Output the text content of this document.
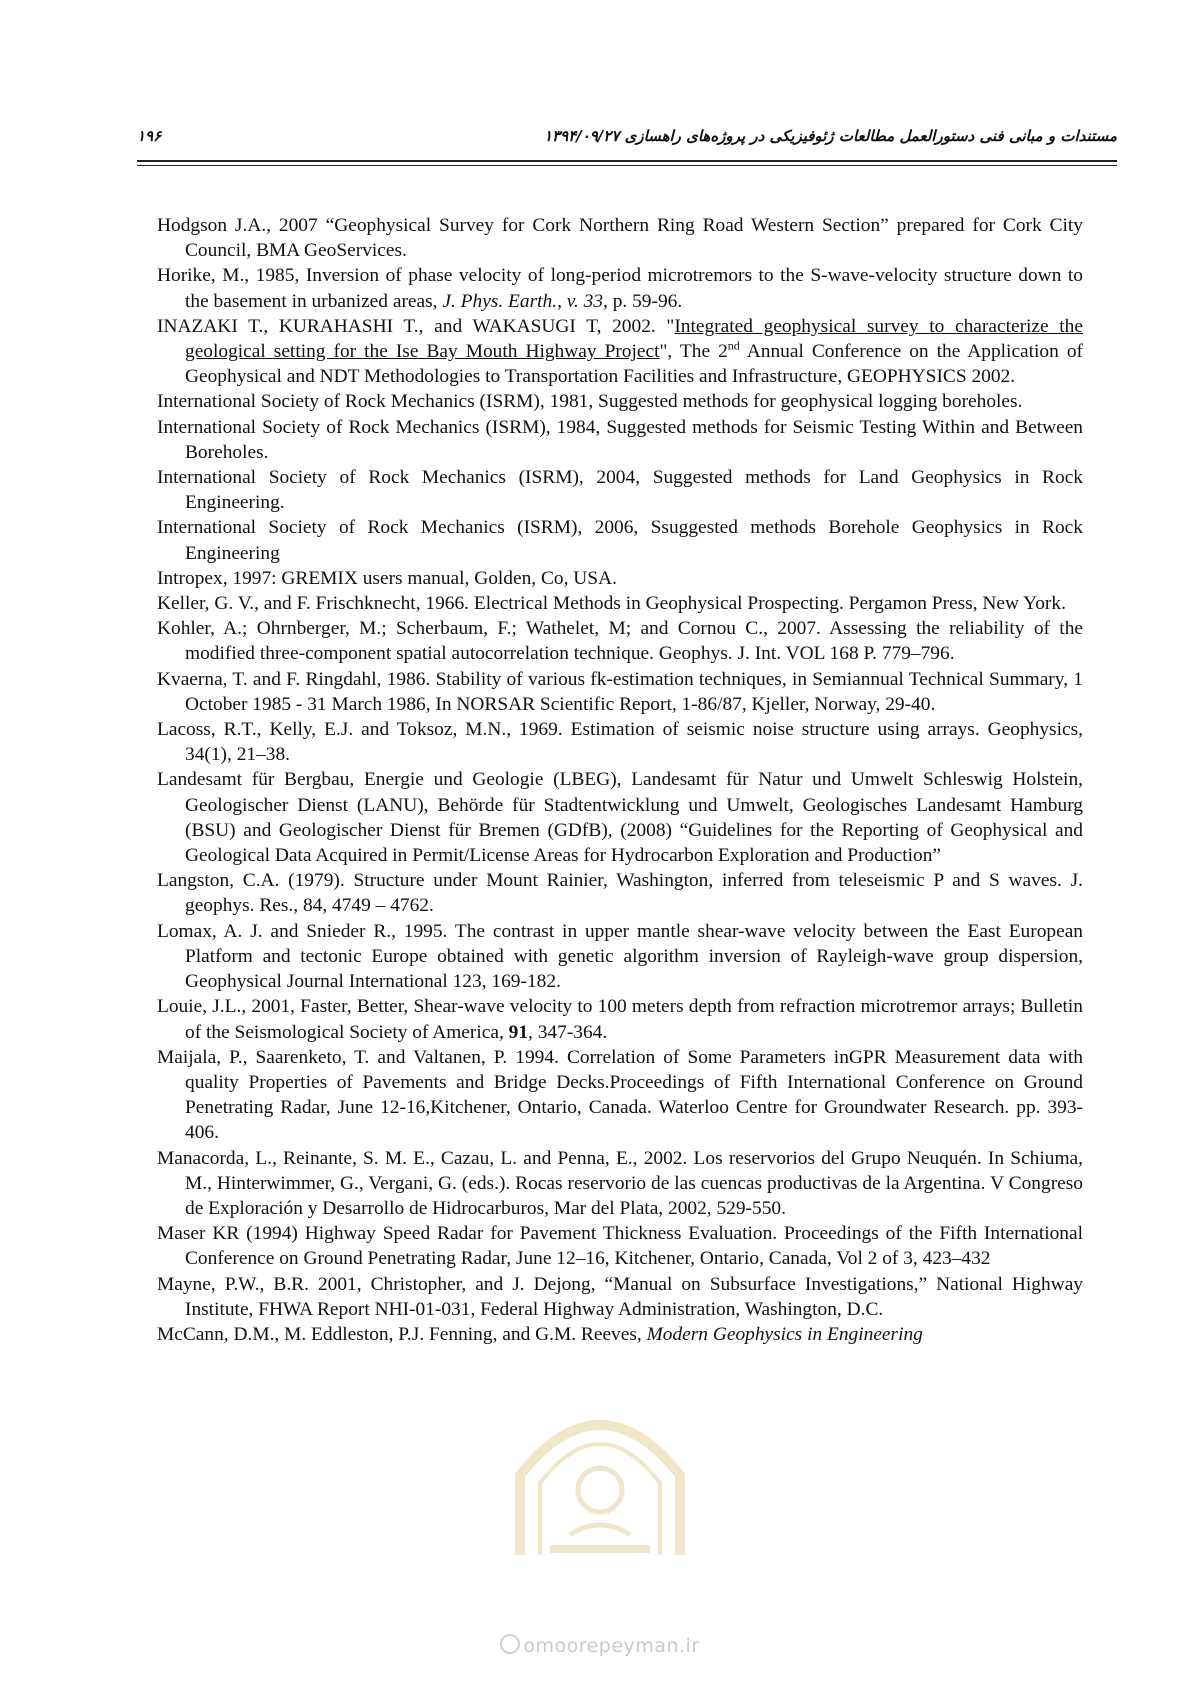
۱۹۶	مستندات و مبانی فنی دستورالعمل مطالعات ژئوفیزیکی در پروژه‌های راهسازی ۱۳۹۴/۰۹/۲۷

Hodgson J.A., 2007 “Geophysical Survey for Cork Northern Ring Road Western Section” prepared for Cork City Council, BMA GeoServices.

Horike, M., 1985, Inversion of phase velocity of long-period microtremors to the S-wave-velocity structure down to the basement in urbanized areas, J. Phys. Earth., v. 33, p. 59-96.

INAZAKI T., KURAHASHI T., and WAKASUGI T, 2002. "Integrated geophysical survey to characterize the geological setting for the Ise Bay Mouth Highway Project", The 2nd Annual Conference on the Application of Geophysical and NDT Methodologies to Transportation Facilities and Infrastructure, GEOPHYSICS 2002.

International Society of Rock Mechanics (ISRM), 1981, Suggested methods for geophysical logging boreholes.

International Society of Rock Mechanics (ISRM), 1984, Suggested methods for Seismic Testing Within and Between Boreholes.

International Society of Rock Mechanics (ISRM), 2004, Suggested methods for Land Geophysics in Rock Engineering.

International Society of Rock Mechanics (ISRM), 2006, Ssuggested methods Borehole Geophysics in Rock Engineering

Intropex, 1997: GREMIX users manual, Golden, Co, USA.

Keller, G. V., and F. Frischknecht, 1966. Electrical Methods in Geophysical Prospecting. Pergamon Press, New York.

Kohler, A.; Ohrnberger, M.; Scherbaum, F.; Wathelet, M; and Cornou C., 2007. Assessing the reliability of the modified three-component spatial autocorrelation technique. Geophys. J. Int. VOL 168 P. 779–796.

Kvaerna, T. and F. Ringdahl, 1986. Stability of various fk-estimation techniques, in Semiannual Technical Summary, 1 October 1985 - 31 March 1986, In NORSAR Scientific Report, 1-86/87, Kjeller, Norway, 29-40.

Lacoss, R.T., Kelly, E.J. and Toksoz, M.N., 1969. Estimation of seismic noise structure using arrays. Geophysics, 34(1), 21–38.

Landesamt für Bergbau, Energie und Geologie (LBEG), Landesamt für Natur und Umwelt Schleswig Holstein, Geologischer Dienst (LANU), Behörde für Stadtentwicklung und Umwelt, Geologisches Landesamt Hamburg (BSU) and Geologischer Dienst für Bremen (GDfB), (2008) “Guidelines for the Reporting of Geophysical and Geological Data Acquired in Permit/License Areas for Hydrocarbon Exploration and Production”

Langston, C.A. (1979). Structure under Mount Rainier, Washington, inferred from teleseismic P and S waves. J. geophys. Res., 84, 4749 – 4762.

Lomax, A. J. and Snieder R., 1995. The contrast in upper mantle shear-wave velocity between the East European Platform and tectonic Europe obtained with genetic algorithm inversion of Rayleigh-wave group dispersion, Geophysical Journal International 123, 169-182.

Louie, J.L., 2001, Faster, Better, Shear-wave velocity to 100 meters depth from refraction microtremor arrays; Bulletin of the Seismological Society of America, 91, 347-364.

Maijala, P., Saarenketo, T. and Valtanen, P. 1994. Correlation of Some Parameters inGPR Measurement data with quality Properties of Pavements and Bridge Decks.Proceedings of Fifth International Conference on Ground Penetrating Radar, June 12-16,Kitchener, Ontario, Canada. Waterloo Centre for Groundwater Research. pp. 393-406.

Manacorda, L., Reinante, S. M. E., Cazau, L. and Penna, E., 2002. Los reservorios del Grupo Neuquén. In Schiuma, M., Hinterwimmer, G., Vergani, G. (eds.). Rocas reservorio de las cuencas productivas de la Argentina. V Congreso de Exploración y Desarrollo de Hidrocarburos, Mar del Plata, 2002, 529-550.

Maser KR (1994) Highway Speed Radar for Pavement Thickness Evaluation. Proceedings of the Fifth International Conference on Ground Penetrating Radar, June 12–16, Kitchener, Ontario, Canada, Vol 2 of 3, 423–432

Mayne, P.W., B.R. 2001, Christopher, and J. Dejong, “Manual on Subsurface Investigations,” National Highway Institute, FHWA Report NHI-01-031, Federal Highway Administration, Washington, D.C.

McCann, D.M., M. Eddleston, P.J. Fenning, and G.M. Reeves, Modern Geophysics in Engineering

omoorepeyman.ir
